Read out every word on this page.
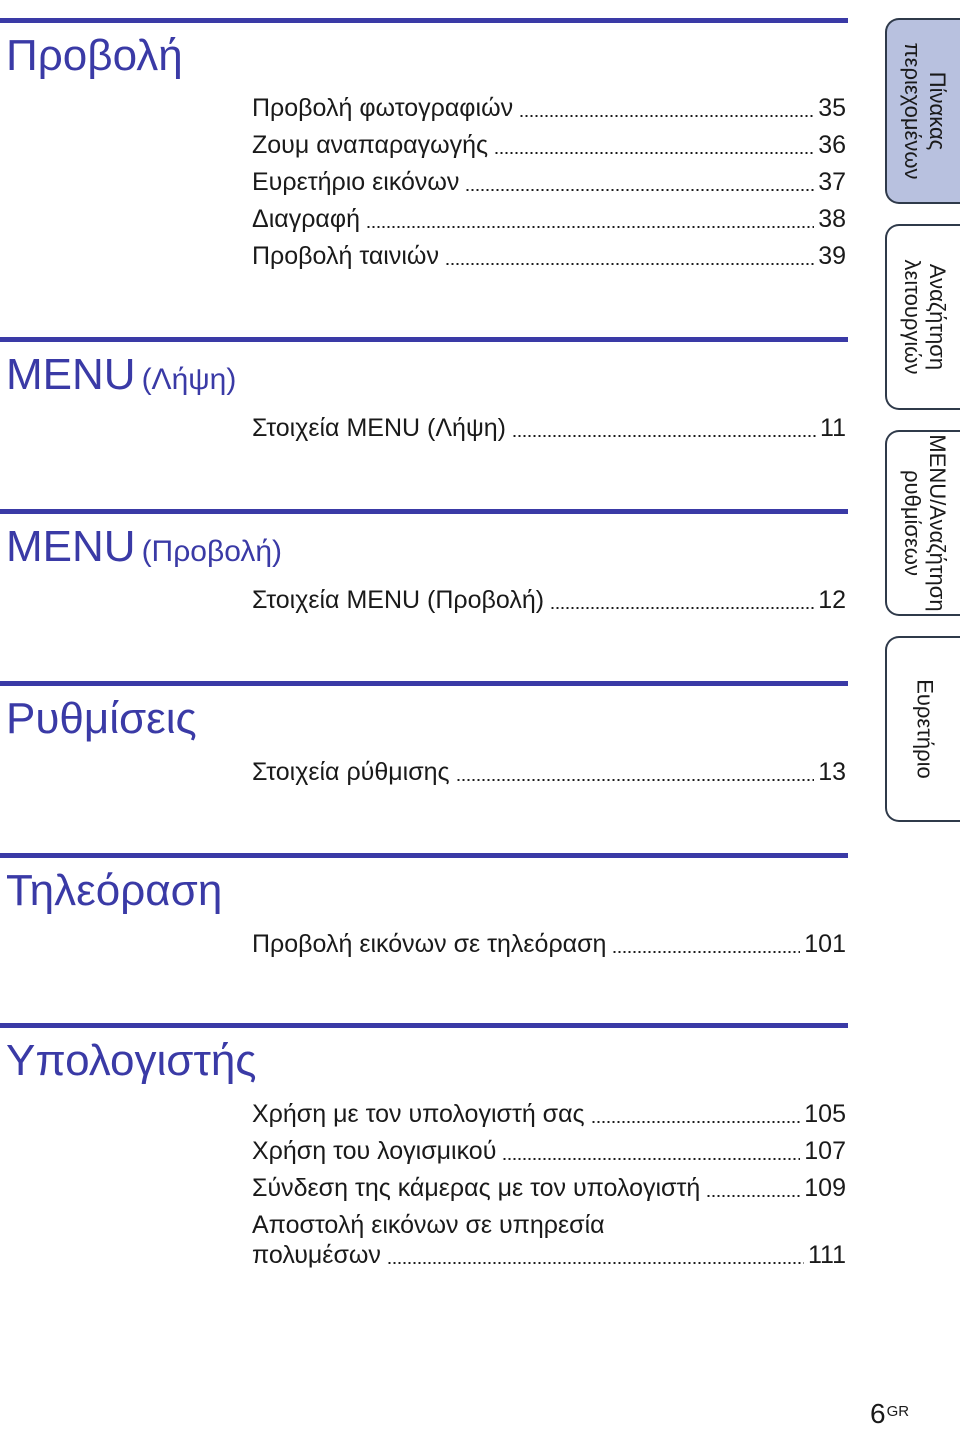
Προβολή
Προβολή φωτογραφιών	35
Ζουμ αναπαραγωγής	36
Ευρετήριο εικόνων	37
Διαγραφή	38
Προβολή ταινιών	39
MENU (Λήψη)
Στοιχεία MENU (Λήψη)	11
MENU (Προβολή)
Στοιχεία MENU (Προβολή)	12
Ρυθμίσεις
Στοιχεία ρύθμισης	13
Τηλεόραση
Προβολή εικόνων σε τηλεόραση	101
Υπολογιστής
Χρήση με τον υπολογιστή σας	105
Χρήση του λογισμικού	107
Σύνδεση της κάμερας με τον υπολογιστή	109
Αποστολή εικόνων σε υπηρεσία
πολυμέσων	111
Πίνακας
περιεχομένων
Αναζήτηση
λειτουργιών
MENU/Αναζήτηση
ρυθμίσεων
Ευρετήριο
$6^{GR}$
